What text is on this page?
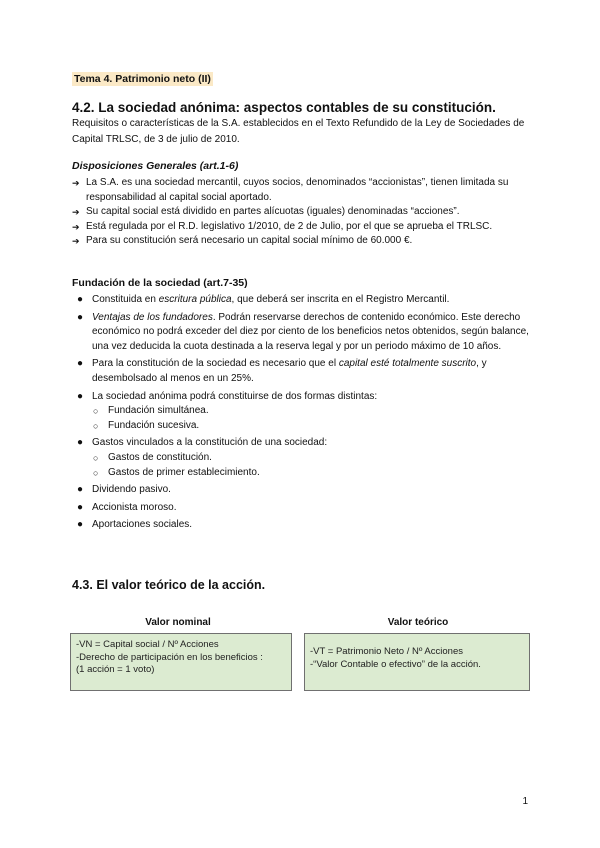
Tema 4. Patrimonio neto (II)
4.2. La sociedad anónima: aspectos contables de su constitución.
Requisitos o características de la S.A. establecidos en el Texto Refundido de la Ley de Sociedades de Capital TRLSC, de 3 de julio de 2010.
Disposiciones Generales (art.1-6)
➔ La S.A. es una sociedad mercantil, cuyos socios, denominados “accionistas”, tienen limitada su responsabilidad al capital social aportado.
➔ Su capital social está dividido en partes alícuotas (iguales) denominadas “acciones”.
➔ Está regulada por el R.D. legislativo 1/2010, de 2 de Julio, por el que se aprueba el TRLSC.
➔ Para su constitución será necesario un capital social mínimo de 60.000 €.
Fundación de la sociedad (art.7-35)
● Constituida en escritura pública, que deberá ser inscrita en el Registro Mercantil.
● Ventajas de los fundadores. Podrán reservarse derechos de contenido económico. Este derecho económico no podrá exceder del diez por ciento de los beneficios netos obtenidos, según balance, una vez deducida la cuota destinada a la reserva legal y por un periodo máximo de 10 años.
● Para la constitución de la sociedad es necesario que el capital esté totalmente suscrito, y desembolsado al menos en un 25%.
● La sociedad anónima podrá constituirse de dos formas distintas:
○ Fundación simultánea.
○ Fundación sucesiva.
● Gastos vinculados a la constitución de una sociedad:
○ Gastos de constitución.
○ Gastos de primer establecimiento.
● Dividendo pasivo.
● Accionista moroso.
● Aportaciones sociales.
4.3. El valor teórico de la acción.
Valor nominal	Valor teórico
-VN = Capital social / Nº Acciones
-Derecho de participación en los beneficios :
(1 acción = 1 voto)
-VT = Patrimonio Neto / Nº Acciones
-“Valor Contable o efectivo” de la acción.
1
